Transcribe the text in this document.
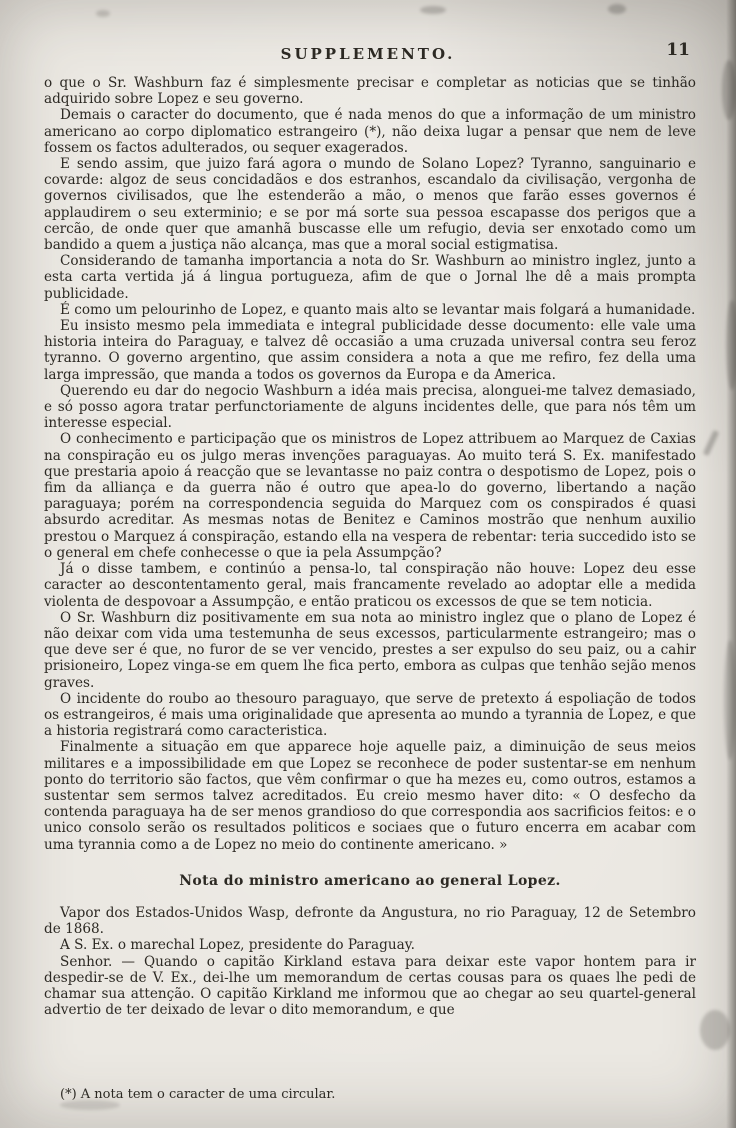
SUPPLEMENTO.	11

o que o Sr. Washburn faz é simplesmente precisar e completar as noticias que se tinhão adquirido sobre Lopez e seu governo.

Demais o caracter do documento, que é nada menos do que a informação de um ministro americano ao corpo diplomatico estrangeiro (*), não deixa lugar a pensar que nem de leve fossem os factos adulterados, ou sequer exagerados.

E sendo assim, que juizo fará agora o mundo de Solano Lopez? Tyranno, sanguinario e covarde: algoz de seus concidadãos e dos estranhos, escandalo da civilisação, vergonha de governos civilisados, que lhe estenderão a mão, o menos que farão esses governos é applaudirem o seu exterminio; e se por má sorte sua pessoa escapasse dos perigos que a cercão, de onde quer que amanhã buscasse elle um refugio, devia ser enxotado como um bandido a quem a justiça não alcança, mas que a moral social estigmatisa.

Considerando de tamanha importancia a nota do Sr. Washburn ao ministro inglez, junto a esta carta vertida já á lingua portugueza, afim de que o Jornal lhe dê a mais prompta publicidade.

É como um pelourinho de Lopez, e quanto mais alto se levantar mais folgará a humanidade.

Eu insisto mesmo pela immediata e integral publicidade desse documento: elle vale uma historia inteira do Paraguay, e talvez dê occasião a uma cruzada universal contra seu feroz tyranno. O governo argentino, que assim considera a nota a que me refiro, fez della uma larga impressão, que manda a todos os governos da Europa e da America.

Querendo eu dar do negocio Washburn a idéa mais precisa, alonguei-me talvez demasiado, e só posso agora tratar perfunctoriamente de alguns incidentes delle, que para nós têm um interesse especial.

O conhecimento e participação que os ministros de Lopez attribuem ao Marquez de Caxias na conspiração eu os julgo meras invenções paraguayas. Ao muito terá S. Ex. manifestado que prestaria apoio á reacção que se levantasse no paiz contra o despotismo de Lopez, pois o fim da alliança e da guerra não é outro que apea-lo do governo, libertando a nação paraguaya; porém na correspondencia seguida do Marquez com os conspirados é quasi absurdo acreditar. As mesmas notas de Benitez e Caminos mostrão que nenhum auxilio prestou o Marquez á conspiração, estando ella na vespera de rebentar: teria succedido isto se o general em chefe conhecesse o que ia pela Assumpção?

Já o disse tambem, e continúo a pensa-lo, tal conspiração não houve: Lopez deu esse caracter ao descontentamento geral, mais francamente revelado ao adoptar elle a medida violenta de despovoar a Assumpção, e então praticou os excessos de que se tem noticia.

O Sr. Washburn diz positivamente em sua nota ao ministro inglez que o plano de Lopez é não deixar com vida uma testemunha de seus excessos, particularmente estrangeiro; mas o que deve ser é que, no furor de se ver vencido, prestes a ser expulso do seu paiz, ou a cahir prisioneiro, Lopez vinga-se em quem lhe fica perto, embora as culpas que tenhão sejão menos graves.

O incidente do roubo ao thesouro paraguayo, que serve de pretexto á espoliação de todos os estrangeiros, é mais uma originalidade que apresenta ao mundo a tyrannia de Lopez, e que a historia registrará como caracteristica.

Finalmente a situação em que apparece hoje aquelle paiz, a diminuição de seus meios militares e a impossibilidade em que Lopez se reconhece de poder sustentar-se em nenhum ponto do territorio são factos, que vêm confirmar o que ha mezes eu, como outros, estamos a sustentar sem sermos talvez acreditados. Eu creio mesmo haver dito: « O desfecho da contenda paraguaya ha de ser menos grandioso do que correspondia aos sacrificios feitos: e o unico consolo serão os resultados politicos e sociaes que o futuro encerra em acabar com uma tyrannia como a de Lopez no meio do continente americano. »

Nota do ministro americano ao general Lopez.

Vapor dos Estados-Unidos Wasp, defronte da Angustura, no rio Paraguay, 12 de Setembro de 1868.

A S. Ex. o marechal Lopez, presidente do Paraguay.

Senhor. — Quando o capitão Kirkland estava para deixar este vapor hontem para ir despedir-se de V. Ex., dei-lhe um memorandum de certas cousas para os quaes lhe pedi de chamar sua attenção. O capitão Kirkland me informou que ao chegar ao seu quartel-general advertio de ter deixado de levar o dito memorandum, e que

(*) A nota tem o caracter de uma circular.
